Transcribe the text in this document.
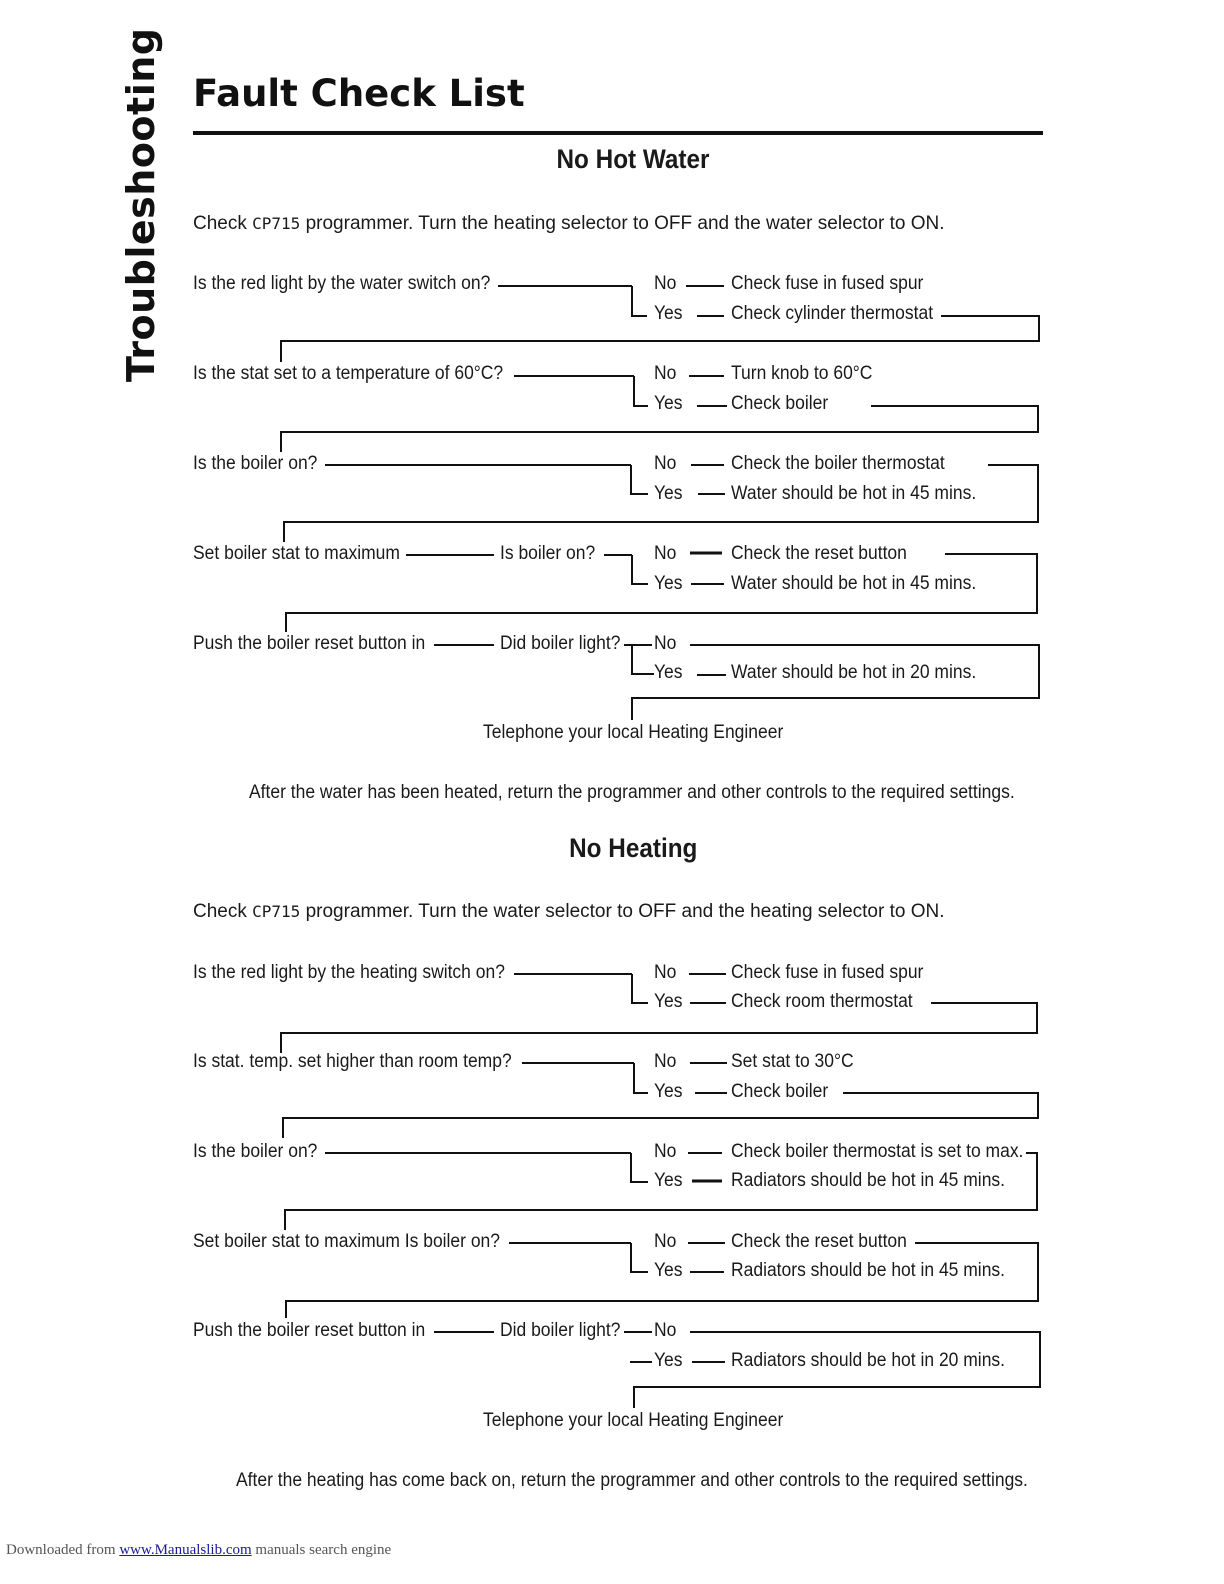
Troubleshooting Fault Check List
No Hot Water
Check CP715 programmer. Turn the heating selector to OFF and the water selector to ON.
Is the red light by the water switch on?	No	Check fuse in fused spur
Yes	Check cylinder thermostat
Is the stat set to a temperature of 60°C?	No	Turn knob to 60°C
Yes	Check boiler
Is the boiler on?	No	Check the boiler thermostat
Yes	Water should be hot in 45 mins.
Set boiler stat to maximum	Is boiler on?	No	Check the reset button
Yes	Water should be hot in 45 mins.
Push the boiler reset button in	Did boiler light? No
Yes	Water should be hot in 20 mins.
Telephone your local Heating Engineer
After the water has been heated, return the programmer and other controls to the required settings.
No Heating
Check CP715 programmer. Turn the water selector to OFF and the heating selector to ON.
Is the red light by the heating switch on?	No	Check fuse in fused spur
Yes	Check room thermostat
Is stat. temp. set higher than room temp?	No	Set stat to 30°C
Yes	Check boiler
Is the boiler on?	No	Check boiler thermostat is set to max.
Yes	Radiators should be hot in 45 mins.
Set boiler stat to maximum Is boiler on?	No	Check the reset button
Yes	Radiators should be hot in 45 mins.
Push the boiler reset button in	Did boiler light? No
Yes	Radiators should be hot in 20 mins.
Telephone your local Heating Engineer
After the heating has come back on, return the programmer and other controls to the required settings.
Downloaded from www.Manualslib.com manuals search engine
